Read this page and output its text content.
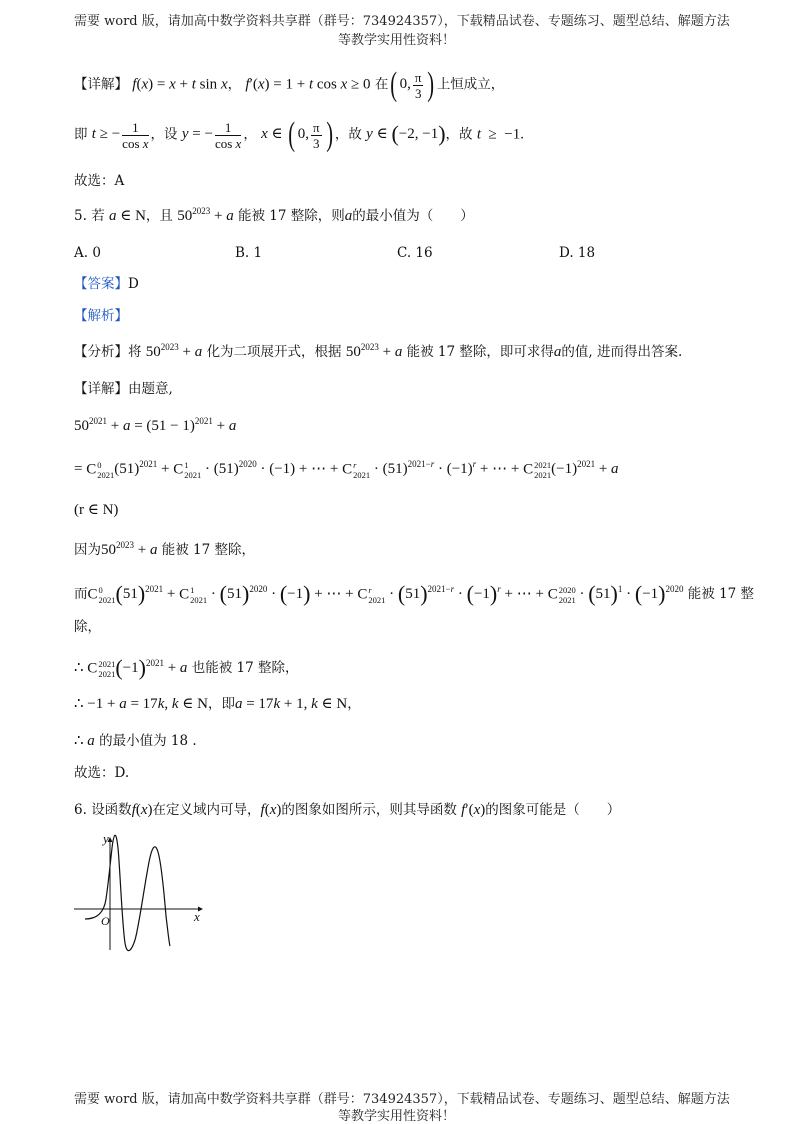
需要 word 版，请加高中数学资料共享群（群号：734924357），下载精品试卷、专题练习、题型总结、解题方法
等教学实用性资料！
【详解】 f(x) = x + t sin x， f′(x) = 1 + t cos x ≥ 0 在( 0, $\frac{\pi}{3}$ ) 上恒成立，
即 t ≥ − $\frac{1}{\text{cos x}}$ ，设 y = − $\frac{1}{\text{cos x}}$ ， x ∈ ( 0, $\frac{\pi}{3}$ ) ，故 y ∈ (−2, −1)，故 t  ≥  −1.
故选：A
5. 若 a ∈ N，且 $50^{2023} + a$ 能被 17 整除，则a的最小值为（　　）
A. 0	B. 1	C. 16	D. 18
【答案】D
【解析】
【分析】将 $50^{2023} + a$ 化为二项展开式，根据 $50^{2023} + a$ 能被 17 整除，即可求得a的值, 进而得出答案.
【详解】由题意,
$50^{2021} + a = (51 - 1)^{2021} + a$
= C 0
2021 $(51)^{2021} + C$ 1
$2021 \cdot (51)^{2020} \cdot (-1)$ + ⋯ + C r
$2021 \cdot (51)^{2021-r} \cdot (-1)^r$ + ⋯ + C 2021
2021 $(-1)^{2021} + a$
(r ∈ N)
因为$50^{2023} + a$ 能被 17 整除，
而C 0
2021 $(51)^{2021} + C$ 1
$2021 \cdot (51)^{2020} \cdot (-1)$ + ⋯ + C r
$2021 \cdot (51)^{2021-r} \cdot (-1)^r$ + ⋯ + C 2020
$2021 \cdot (51)^1 \cdot (-1)^{2020}$ 能被 17 整
除，
∴ C 2021
2021 $(-1)^{2021} + a$ 也能被 17 整除，
∴ −1 + a = 17k, k ∈ N，即a = 17k + 1, k ∈ N，
∴ a 的最小值为 18 .
故选：D.
6. 设函数f(x)在定义域内可导，f(x)的图象如图所示，则其导函数 f′(x)的图象可能是（　　）
y
x
O
需要 word 版，请加高中数学资料共享群（群号：734924357），下载精品试卷、专题练习、题型总结、解题方法
等教学实用性资料！
